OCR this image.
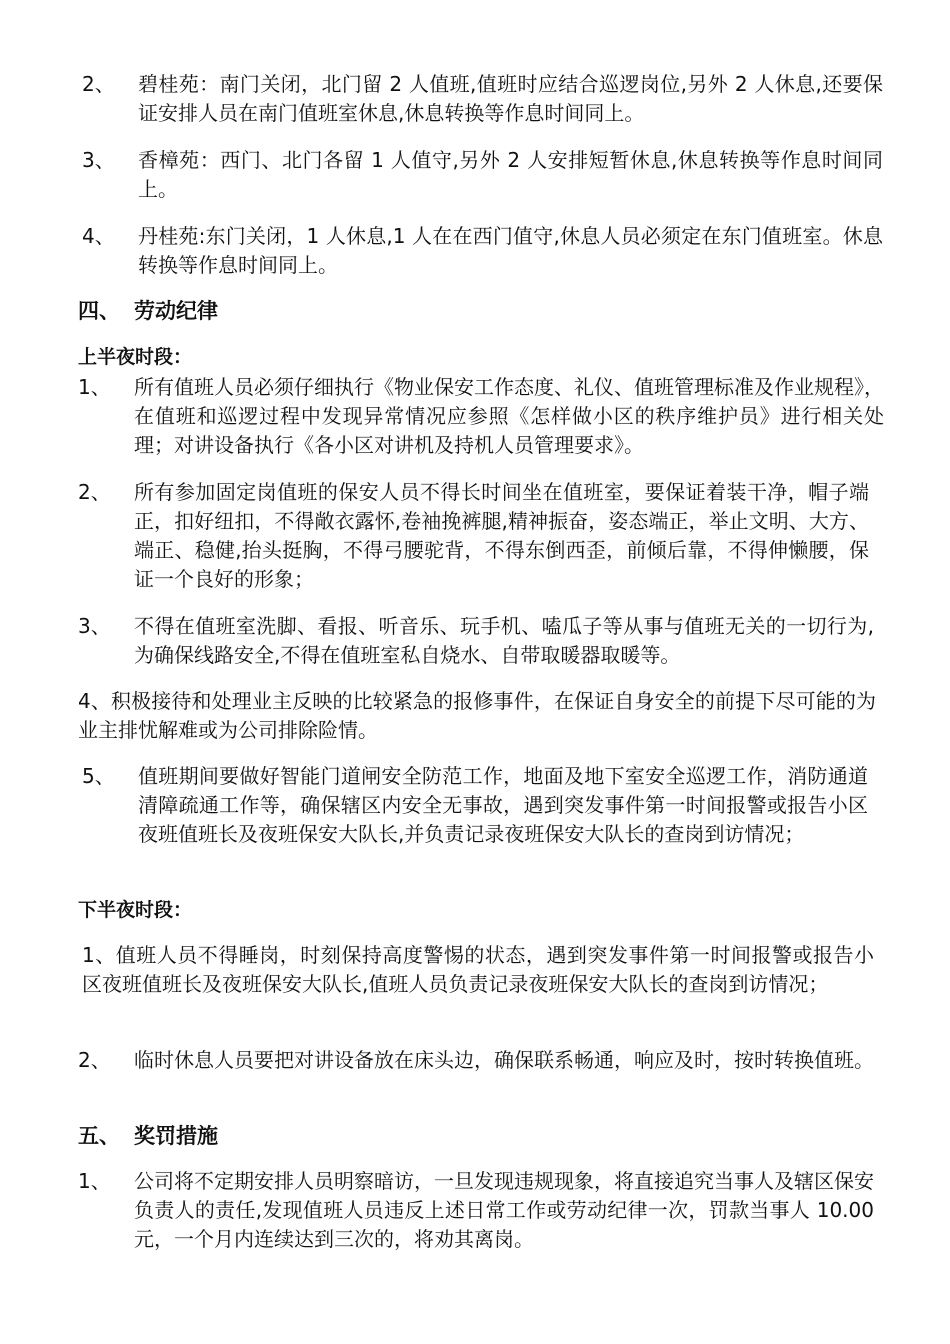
2、 碧桂苑：南门关闭，北门留 2 人值班,值班时应结合巡逻岗位,另外 2 人休息,还要保证安排人员在南门值班室休息,休息转换等作息时间同上。
3、 香樟苑：西门、北门各留 1 人值守,另外 2 人安排短暂休息,休息转换等作息时间同上。
4、 丹桂苑:东门关闭，1 人休息,1 人在在西门值守,休息人员必须定在东门值班室。休息转换等作息时间同上。
四、 劳动纪律
上半夜时段：
1、 所有值班人员必须仔细执行《物业保安工作态度、礼仪、值班管理标准及作业规程》，在值班和巡逻过程中发现异常情况应参照《怎样做小区的秩序维护员》进行相关处理；对讲设备执行《各小区对讲机及持机人员管理要求》。
2、 所有参加固定岗值班的保安人员不得长时间坐在值班室，要保证着装干净，帽子端正，扣好纽扣，不得敞衣露怀,卷袖挽裤腿,精神振奋，姿态端正，举止文明、大方、端正、稳健,抬头挺胸，不得弓腰驼背，不得东倒西歪，前倾后靠，不得伸懒腰，保证一个良好的形象；
3、 不得在值班室洗脚、看报、听音乐、玩手机、嗑瓜子等从事与值班无关的一切行为,为确保线路安全,不得在值班室私自烧水、自带取暖器取暖等。
4、积极接待和处理业主反映的比较紧急的报修事件，在保证自身安全的前提下尽可能的为业主排忧解难或为公司排除险情。
5、 值班期间要做好智能门道闸安全防范工作，地面及地下室安全巡逻工作，消防通道清障疏通工作等，确保辖区内安全无事故，遇到突发事件第一时间报警或报告小区夜班值班长及夜班保安大队长,并负责记录夜班保安大队长的查岗到访情况；
下半夜时段：
1、值班人员不得睡岗，时刻保持高度警惕的状态，遇到突发事件第一时间报警或报告小区夜班值班长及夜班保安大队长,值班人员负责记录夜班保安大队长的查岗到访情况；
2、 临时休息人员要把对讲设备放在床头边，确保联系畅通，响应及时，按时转换值班。
五、 奖罚措施
1、 公司将不定期安排人员明察暗访，一旦发现违规现象，将直接追究当事人及辖区保安负责人的责任,发现值班人员违反上述日常工作或劳动纪律一次，罚款当事人 10.00 元，一个月内连续达到三次的，将劝其离岗。
